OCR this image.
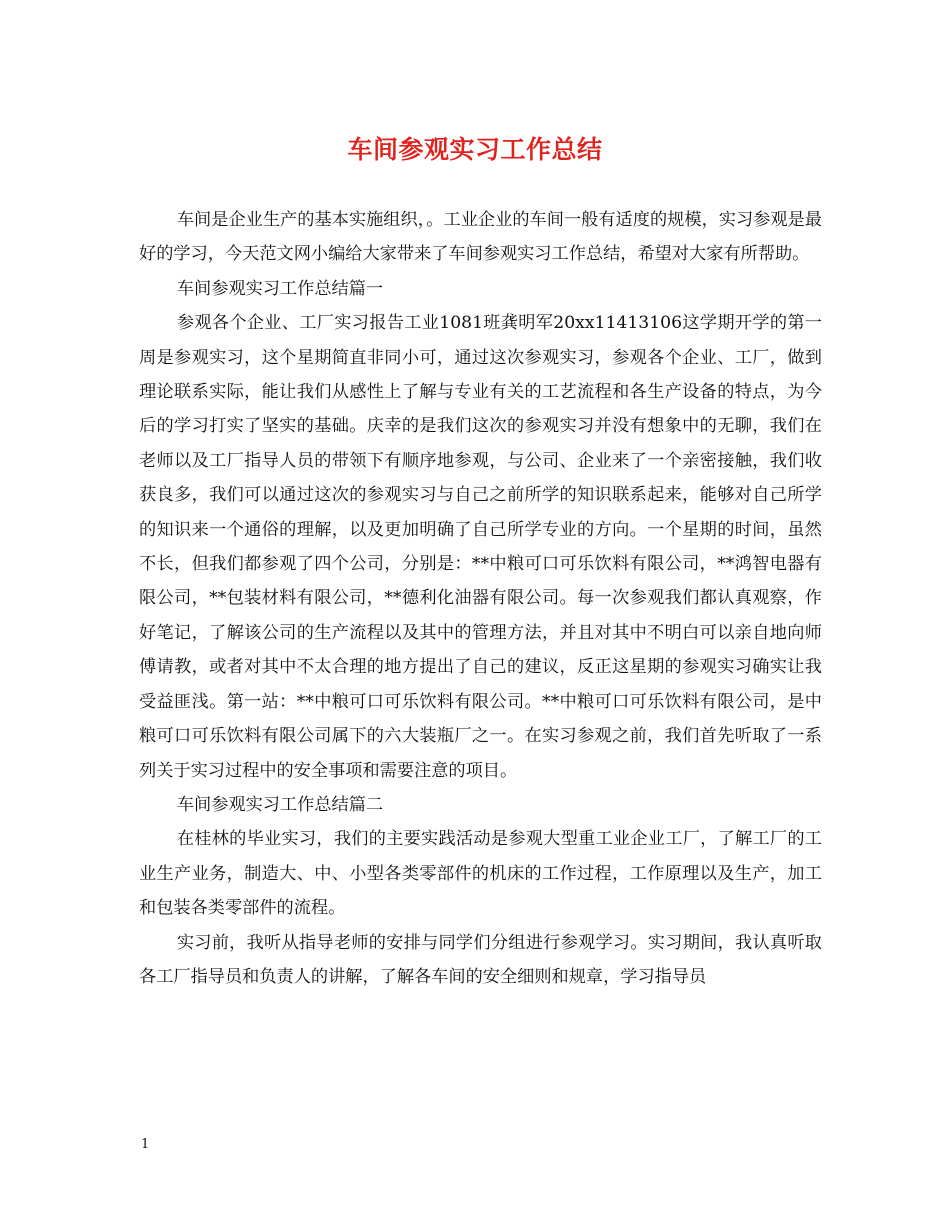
车间参观实习工作总结

车间是企业生产的基本实施组织，。工业企业的车间一般有适度的规模，实习参观是最好的学习，今天范文网小编给大家带来了车间参观实习工作总结，希望对大家有所帮助。

车间参观实习工作总结篇一

参观各个企业、工厂实习报告工业1081班龚明军20xx11413106这学期开学的第一周是参观实习，这个星期简直非同小可，通过这次参观实习，参观各个企业、工厂，做到理论联系实际，能让我们从感性上了解与专业有关的工艺流程和各生产设备的特点，为今后的学习打实了坚实的基础。庆幸的是我们这次的参观实习并没有想象中的无聊，我们在老师以及工厂指导人员的带领下有顺序地参观，与公司、企业来了一个亲密接触，我们收获良多，我们可以通过这次的参观实习与自己之前所学的知识联系起来，能够对自己所学的知识来一个通俗的理解，以及更加明确了自己所学专业的方向。一个星期的时间，虽然不长，但我们都参观了四个公司，分别是：**中粮可口可乐饮料有限公司，**鸿智电器有限公司，**包装材料有限公司，**德利化油器有限公司。每一次参观我们都认真观察，作好笔记，了解该公司的生产流程以及其中的管理方法，并且对其中不明白可以亲自地向师傅请教，或者对其中不太合理的地方提出了自己的建议，反正这星期的参观实习确实让我受益匪浅。第一站：**中粮可口可乐饮料有限公司。**中粮可口可乐饮料有限公司，是中粮可口可乐饮料有限公司属下的六大装瓶厂之一。在实习参观之前，我们首先听取了一系列关于实习过程中的安全事项和需要注意的项目。

车间参观实习工作总结篇二

在桂林的毕业实习，我们的主要实践活动是参观大型重工业企业工厂，了解工厂的工业生产业务，制造大、中、小型各类零部件的机床的工作过程，工作原理以及生产，加工和包装各类零部件的流程。

实习前，我听从指导老师的安排与同学们分组进行参观学习。实习期间，我认真听取各工厂指导员和负责人的讲解，了解各车间的安全细则和规章，学习指导员

1
